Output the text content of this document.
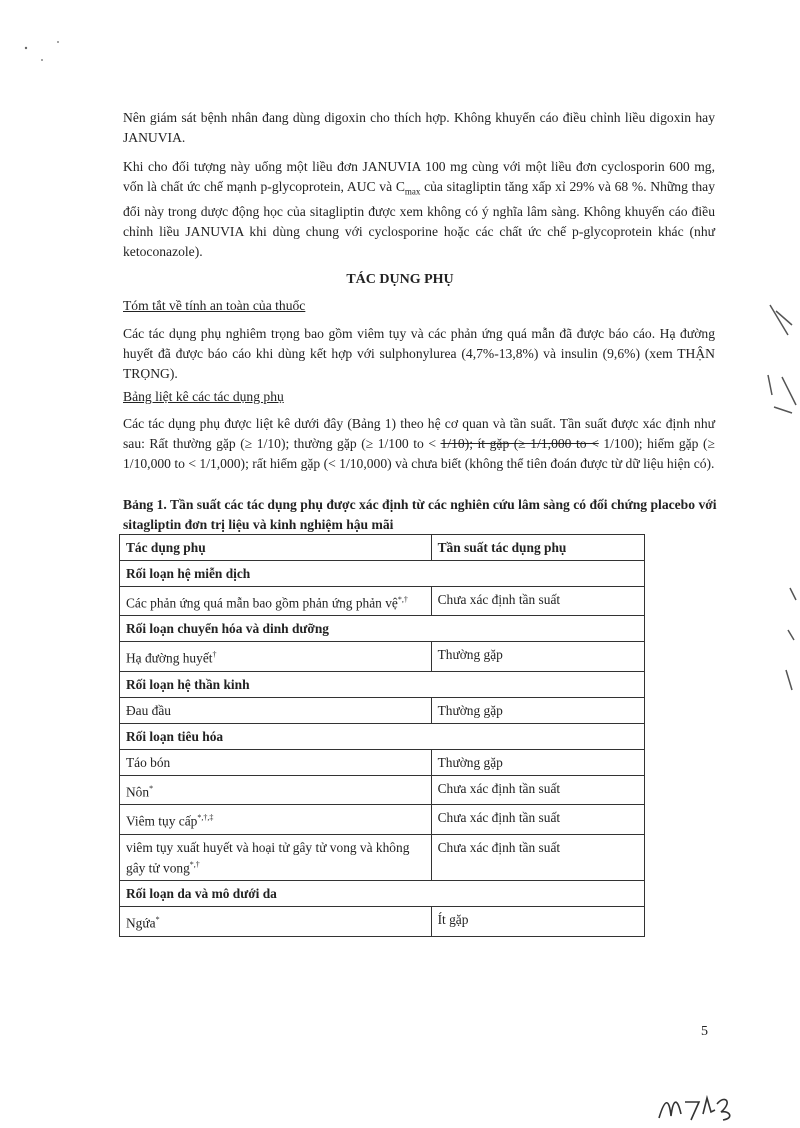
Nên giám sát bệnh nhân đang dùng digoxin cho thích hợp. Không khuyến cáo điều chỉnh liều digoxin hay JANUVIA.

Khi cho đối tượng này uống một liều đơn JANUVIA 100 mg cùng với một liều đơn cyclosporin 600 mg, vốn là chất ức chế mạnh p-glycoprotein, AUC và $C_{max}$ của sitagliptin tăng xấp xỉ 29% và 68 %. Những thay đổi này trong dược động học của sitagliptin được xem không có ý nghĩa lâm sàng. Không khuyến cáo điều chỉnh liều JANUVIA khi dùng chung với cyclosporine hoặc các chất ức chế p-glycoprotein khác (như ketoconazole).

TÁC DỤNG PHỤ
Tóm tắt về tính an toàn của thuốc

Các tác dụng phụ nghiêm trọng bao gồm viêm tụy và các phản ứng quá mẫn đã được báo cáo. Hạ đường huyết đã được báo cáo khi dùng kết hợp với sulphonylurea (4,7%-13,8%) và insulin (9,6%) (xem THẬN TRỌNG).

Bảng liệt kê các tác dụng phụ

Các tác dụng phụ được liệt kê dưới đây (Bảng 1) theo hệ cơ quan và tần suất. Tần suất được xác định như sau: Rất thường gặp (≥ 1/10); thường gặp (≥ 1/100 to < 1/10); ít gặp (≥ 1/1,000 to < 1/100); hiếm gặp (≥ 1/10,000 to < 1/1,000); rất hiếm gặp (< 1/10,000) và chưa biết (không thể tiên đoán được từ dữ liệu hiện có).

Bảng 1. Tần suất các tác dụng phụ được xác định từ các nghiên cứu lâm sàng có đối chứng placebo với sitagliptin đơn trị liệu và kinh nghiệm hậu mãi
Tác dụng phụ	Tần suất tác dụng phụ
Rối loạn hệ miễn dịch	
Các phản ứng quá mẫn bao gồm phản ứng phản vệ*,†	Chưa xác định tần suất
Rối loạn chuyển hóa và dinh dưỡng	
Hạ đường huyết†	Thường gặp
Rối loạn hệ thần kinh	
Đau đầu	Thường gặp
Rối loạn tiêu hóa	
Táo bón	Thường gặp
Nôn*	Chưa xác định tần suất
Viêm tụy cấp*,†,‡	Chưa xác định tần suất
viêm tụy xuất huyết và hoại tử gây tử vong và không gây tử vong*,†	Chưa xác định tần suất
Rối loạn da và mô dưới da	
Ngứa*	Ít gặp
5
